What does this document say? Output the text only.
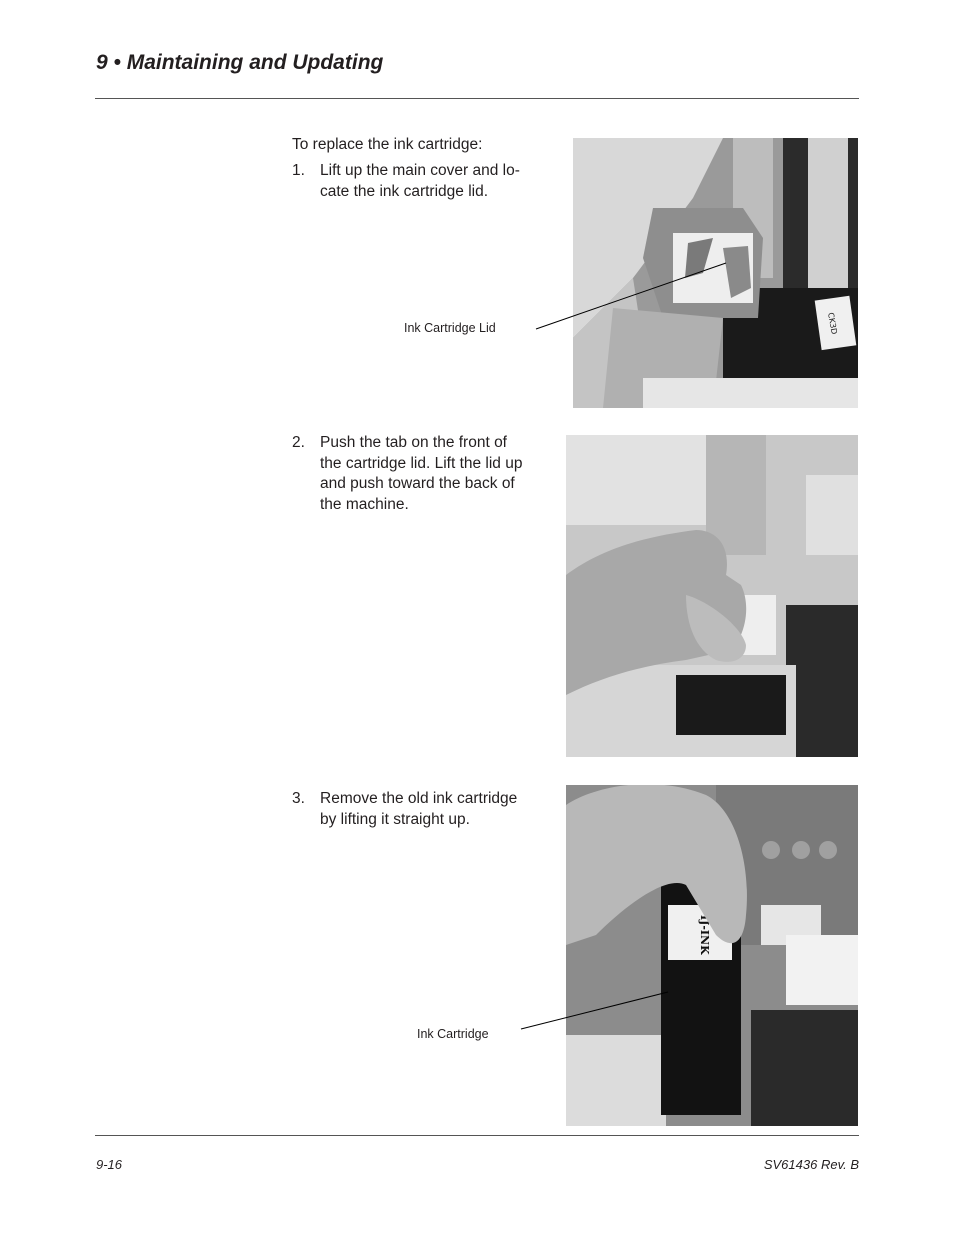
9 • Maintaining and Updating
To replace the ink cartridge:
1. Lift up the main cover and lo-
cate the ink cartridge lid.
CK3D
Ink Cartridge Lid
2. Push the tab on the front of
the cartridge lid. Lift the lid up
and push toward the back of
the machine.
3. Remove the old ink cartridge
by lifting it straight up.
IJ-INK
Ink Cartridge
9-16	SV61436 Rev. B
